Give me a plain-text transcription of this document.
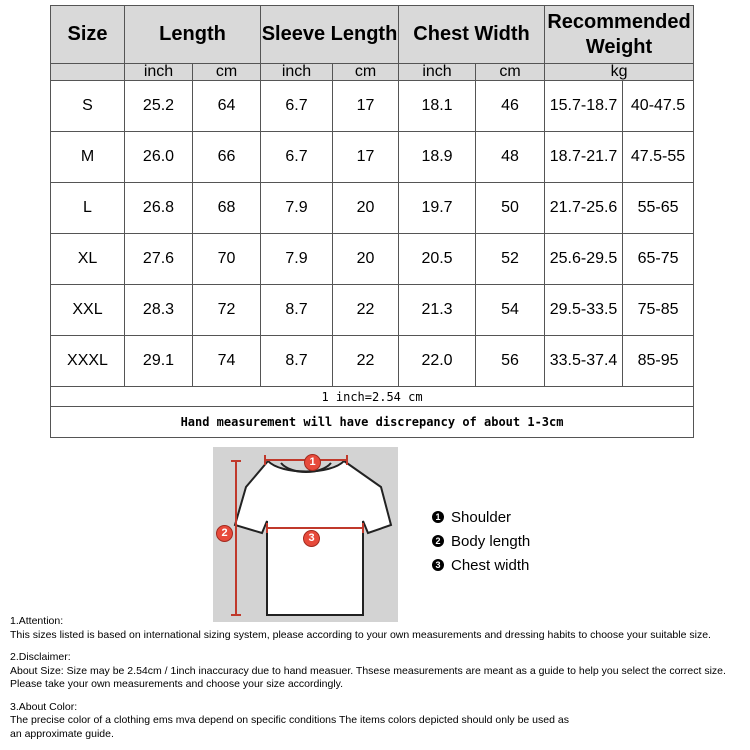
Size	Length		Sleeve Length		Chest Width		Recommended Weight	
	inch	cm	inch	cm	inch	cm	kg	
S	25.2	64	6.7	17	18.1	46	15.7-18.7	40-47.5
M	26.0	66	6.7	17	18.9	48	18.7-21.7	47.5-55
L	26.8	68	7.9	20	19.7	50	21.7-25.6	55-65
XL	27.6	70	7.9	20	20.5	52	25.6-29.5	65-75
XXL	28.3	72	8.7	22	21.3	54	29.5-33.5	75-85
XXXL	29.1	74	8.7	22	22.0	56	33.5-37.4	85-95
1 inch=2.54 cm								
Hand measurement will have discrepancy of about 1-3cm								
1
2	3
1 Shoulder
2 Body length
3 Chest width

1.Attention:

This sizes listed is based on international sizing system, please according to your own measurements and dressing habits to choose your suitable size.

2.Disclaimer:

About Size: Size may be 2.54cm / 1inch inaccuracy due to hand measuer. Thsese measurements are meant as a guide to help you select the correct size.

Please take your own measurements and choose your size accordingly.

3.About Color:

The precise color of a clothing ems mva depend on specific conditions The items colors depicted should only be used as

an approximate guide.
